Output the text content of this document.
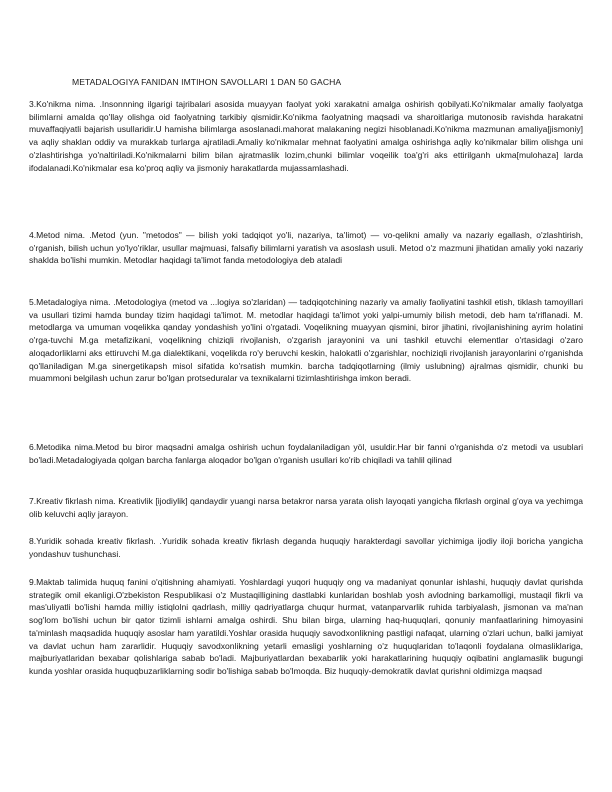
METADALOGIYA FANIDAN IMTIHON SAVOLLARI 1 DAN 50 GACHA

3.Ko'nikma nima. .Insonnning ilgarigi tajribalari asosida muayyan faolyat yoki xarakatni amalga oshirish qobilyati.Ko'nikmalar amaliy faolyatga bilimlarni amalda qo'llay olishga oid faolyatning tarkibiy qismidir.Ko'nikma faolyatning maqsadi va sharoitlariga mutonosib ravishda harakatni muvaffaqiyatli bajarish usullaridir.U hamisha bilimlarga asoslanadi.mahorat malakaning negizi hisoblanadi.Ko'nikma mazmunan amaliya[jismoniy] va aqliy shaklan oddiy va murakkab turlarga ajratiladi.Amaliy ko'nikmalar mehnat faolyatini amalga oshirishga aqliy ko'nikmalar bilim olishga uni o'zlashtirishga yo'naltiriladi.Ko'nikmalarni bilim bilan ajratmaslik lozim,chunki bilimlar voqeilik toa'g'ri aks ettirilganh ukma[mulohaza] larda ifodalanadi.Ko'nikmalar esa ko'proq aqliy va jismoniy harakatlarda mujassamlashadi.

4.Metod nima. .Metod (yun. "metodos" — bilish yoki tadqiqot yo'li, nazariya, ta'limot) — vo‐qelikni amaliy va nazariy egallash, o'zlashtirish, o'rganish, bilish uchun yo'lyo'riklar, usullar majmuasi, falsafiy bilimlarni yaratish va asoslash usuli. Metod o'z mazmuni jihatidan amaliy yoki nazariy shaklda bo'lishi mumkin. Metodlar haqidagi ta'limot fanda metodologiya deb ataladi

5.Metadalogiya nima. .Metodologiya (metod va ...logiya so'zlaridan) — tadqiqotchining nazariy va amaliy faoliyatini tashkil etish, tiklash tamoyillari va usullari tizimi hamda bunday tizim haqidagi ta'limot. M. metodlar haqidagi ta'limot yoki yalpi-umumiy bilish metodi, deb ham ta'riflanadi. M. metodlarga va umuman voqelikka qanday yondashish yo'lini o'rgatadi. Voqelikning muayyan qismini, biror jihatini, rivojlanishining ayrim holatini o'rga-tuvchi M.ga metafizikani, voqelikning chiziqli rivojlanish, o'zgarish jarayonini va uni tashkil etuvchi elementlar o'rtasidagi o'zaro aloqadorliklarni aks ettiruvchi M.ga dialektikani, voqelikda ro'y beruvchi keskin, halokatli o'zgarishlar, nochiziqli rivojlanish jarayonlarini o'rganishda qo'llaniladigan M.ga sinergetikapsh misol sifatida ko'rsatish mumkin. barcha tadqiqotlarning (ilmiy uslubning) ajralmas qismidir, chunki bu muammoni belgilash uchun zarur bo'lgan protseduralar va texnikalarni tizimlashtirishga imkon beradi.

6.Metodika nima.Metod bu biror maqsadni amalga oshirish uchun foydalaniladigan yöl, usuldir.Har bir fanni o'rganishda o'z metodi va usublari bo'ladi.Metadalogiyada qolgan barcha fanlarga aloqador bo'lgan o'rganish usullari ko'rib chiqiladi va tahlil qilinad

7.Kreativ fikrlash nima. Kreativlik [ijodiylik] qandaydir yuangi narsa betakror narsa yarata olish layoqati yangicha fikrlash orginal g'oya va yechimga olib keluvchi aqliy jarayon.

8.Yuridik sohada kreativ fikrlash. .Yuridik sohada kreativ fikrlash deganda huquqiy harakterdagi savollar yichimiga ijodiy iloji boricha yangicha yondashuv tushunchasi.

9.Maktab talimida huquq fanini o'qitishning ahamiyati. Yoshlardagi yuqori huquqiy ong va madaniyat qonunlar ishlashi, huquqiy davlat qurishda strategik omil ekanligi.O'zbekiston Respublikasi o'z Mustaqilligining dastlabki kunlaridan boshlab yosh avlodning barkamolligi, mustaqil fikrli va mas'uliyatli bo'lishi hamda milliy istiqlolni qadrlash, milliy qadriyatlarga chuqur hurmat, vatanparvarlik ruhida tarbiyalash, jismonan va ma'nan sog'lom bo'lishi uchun bir qator tizimli ishlarni amalga oshirdi. Shu bilan birga, ularning haq-huquqlari, qonuniy manfaatlarining himoyasini ta'minlash maqsadida huquqiy asoslar ham yaratildi.Yoshlar orasida huquqiy savodxonlikning pastligi nafaqat, ularning o'zlari uchun, balki jamiyat va davlat uchun ham zararlidir. Huquqiy savodxonlikning yetarli emasligi yoshlarning o'z huquqlaridan to'laqonli foydalana olmasliklariga, majburiyatlaridan bexabar qolishlariga sabab bo'ladi. Majburiyatlardan bexabarlik yoki harakatlarining huquqiy oqibatini anglamaslik bugungi kunda yoshlar orasida huquqbuzarliklarning sodir bo'lishiga sabab bo'lmoqda. Biz huquqiy-demokratik davlat qurishni oldimizga maqsad
